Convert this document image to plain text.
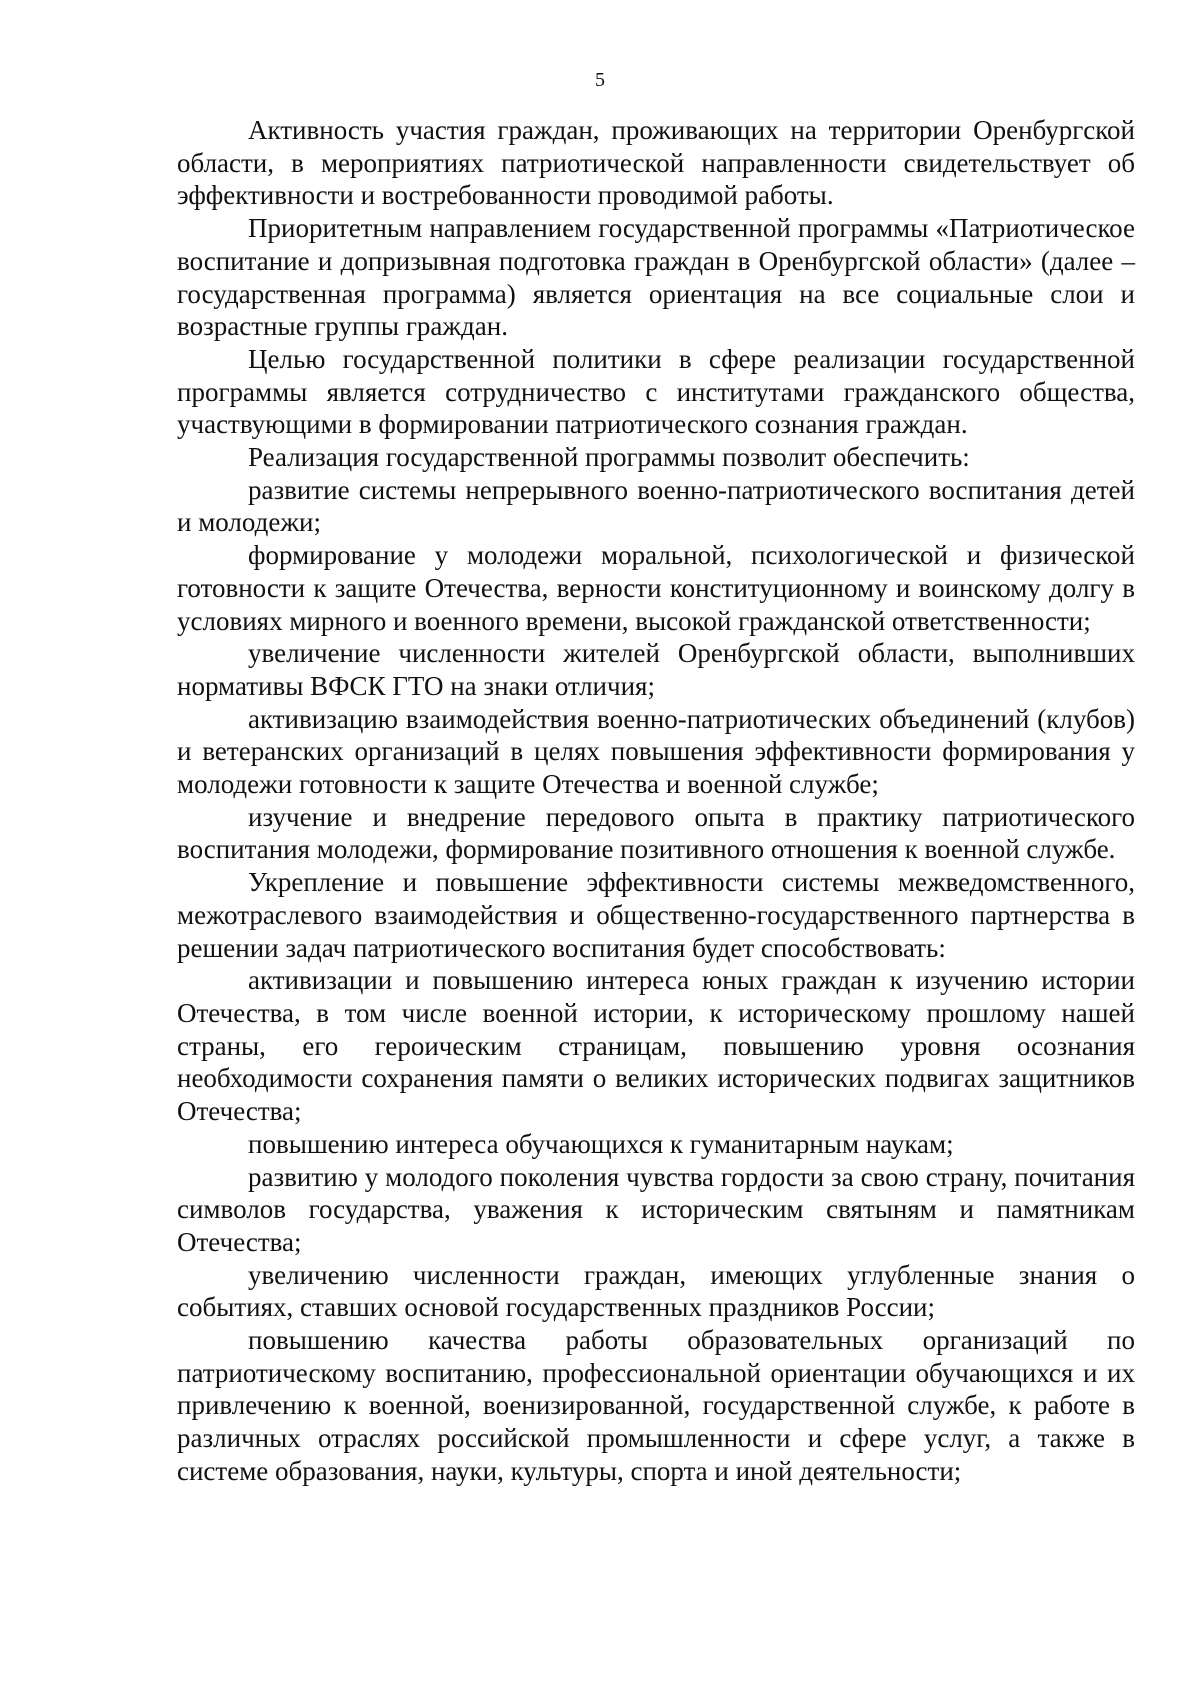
5

Активность участия граждан, проживающих на территории Оренбургской области, в мероприятиях патриотической направленности свидетельствует об эффективности и востребованности проводимой работы.

Приоритетным направлением государственной программы «Патриотическое воспитание и допризывная подготовка граждан в Оренбургской области» (далее – государственная программа) является ориентация на все социальные слои и возрастные группы граждан.

Целью государственной политики в сфере реализации государственной программы является сотрудничество с институтами гражданского общества, участвующими в формировании патриотического сознания граждан.

Реализация государственной программы позволит обеспечить:

развитие системы непрерывного военно-патриотического воспитания детей и молодежи;

формирование у молодежи моральной, психологической и физической готовности к защите Отечества, верности конституционному и воинскому долгу в условиях мирного и военного времени, высокой гражданской ответственности;

увеличение численности жителей Оренбургской области, выполнивших нормативы ВФСК ГТО на знаки отличия;

активизацию взаимодействия военно-патриотических объединений (клубов) и ветеранских организаций в целях повышения эффективности формирования у молодежи готовности к защите Отечества и военной службе;

изучение и внедрение передового опыта в практику патриотического воспитания молодежи, формирование позитивного отношения к военной службе.

Укрепление и повышение эффективности системы межведомственного, межотраслевого взаимодействия и общественно-государственного партнерства в решении задач патриотического воспитания будет способствовать:

активизации и повышению интереса юных граждан к изучению истории Отечества, в том числе военной истории, к историческому прошлому нашей страны, его героическим страницам, повышению уровня осознания необходимости сохранения памяти о великих исторических подвигах защитников Отечества;

повышению интереса обучающихся к гуманитарным наукам;

развитию у молодого поколения чувства гордости за свою страну, почитания символов государства, уважения к историческим святыням и памятникам Отечества;

увеличению численности граждан, имеющих углубленные знания о событиях, ставших основой государственных праздников России;

повышению качества работы образовательных организаций по патриотическому воспитанию, профессиональной ориентации обучающихся и их привлечению к военной, военизированной, государственной службе, к работе в различных отраслях российской промышленности и сфере услуг, а также в системе образования, науки, культуры, спорта и иной деятельности;
